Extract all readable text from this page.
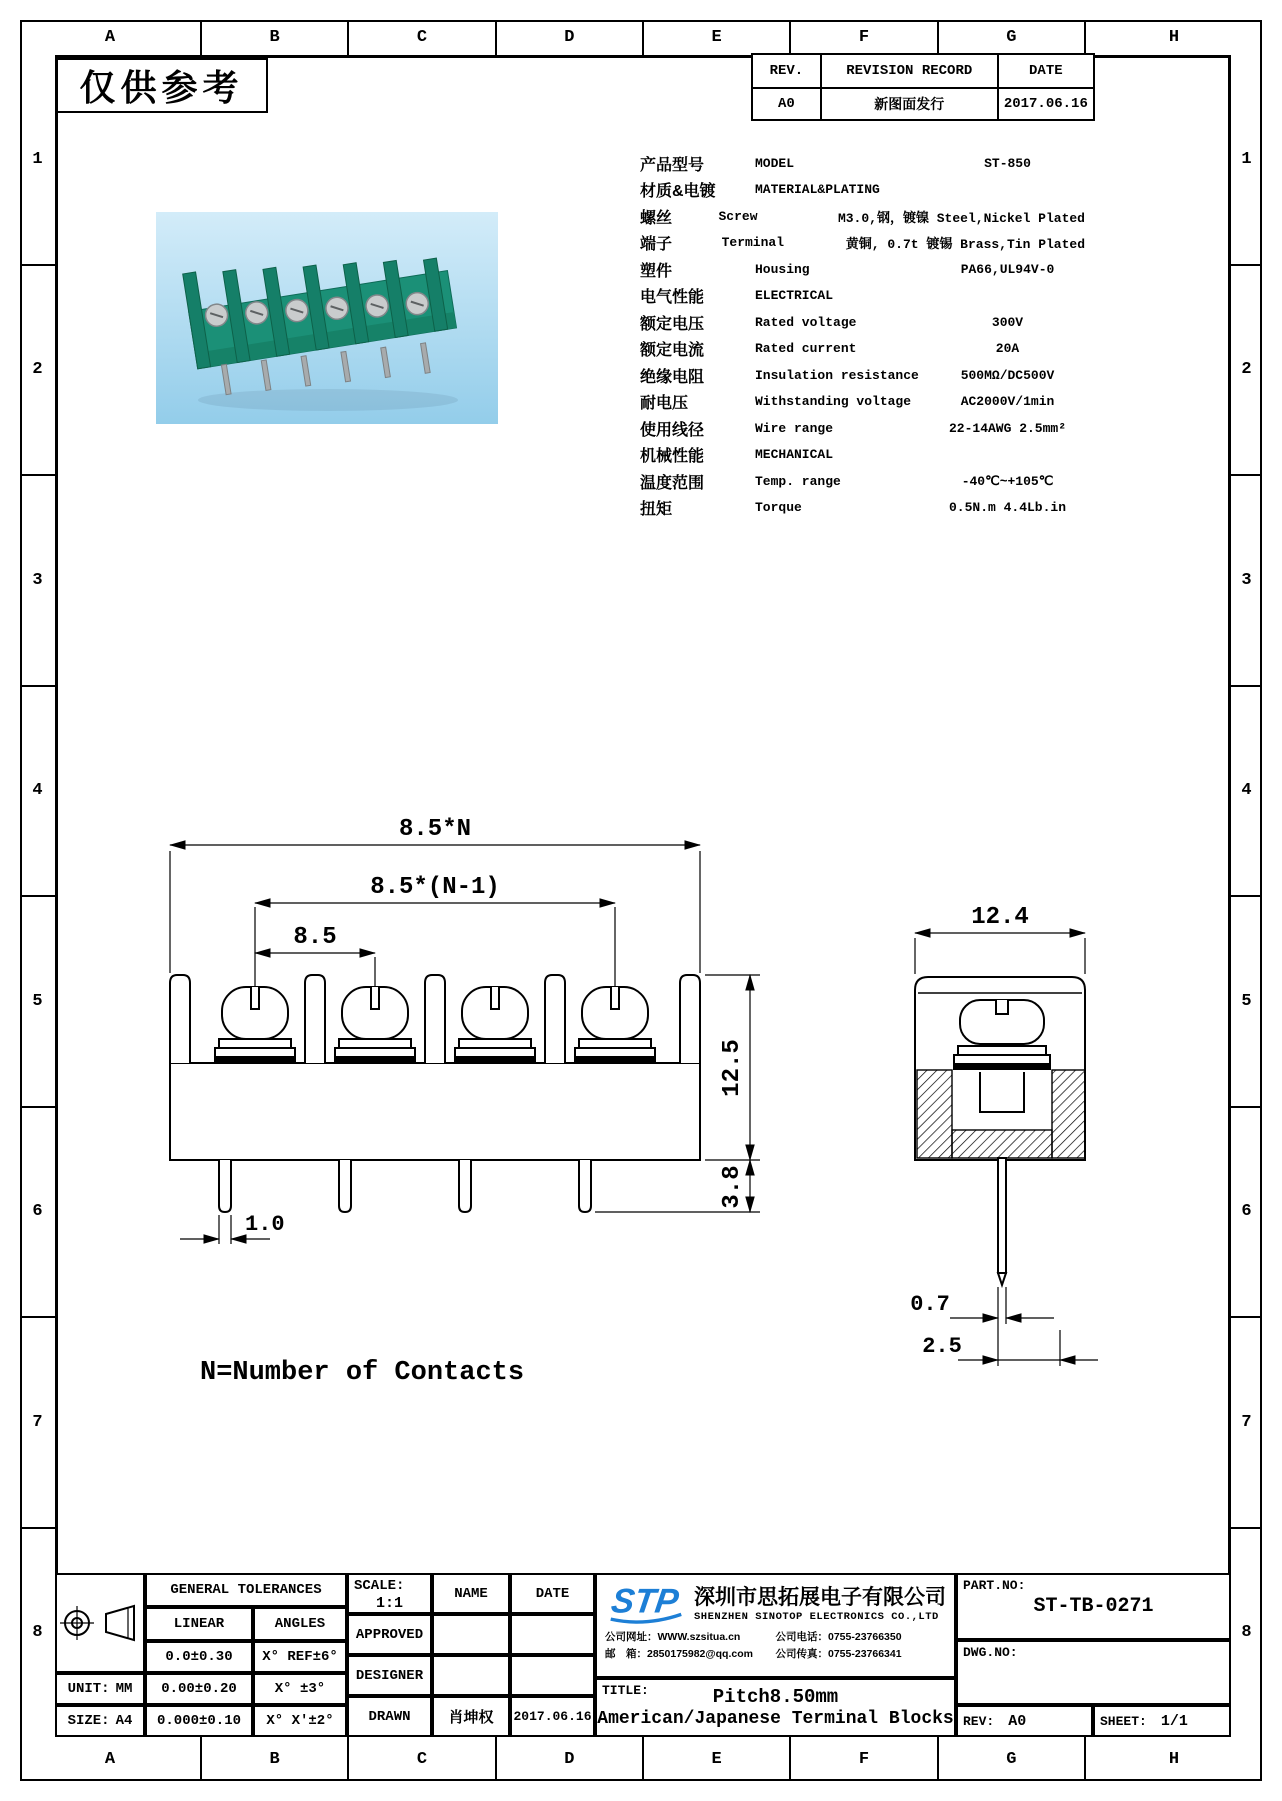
A	B	C	D	E	F	G	H
A	B	C	D	E	F	G	H
1
2
3
4
5
6
7
8
1
2
3
4
5
6
7
8
仅供参考	REV.	REVISION RECORD	DATE
A0	新图面发行	2017.06.16
产品型号	MODEL	ST-850
材质&电镀	MATERIAL&PLATING
螺丝	Screw	M3.0,钢，镀镍 Steel,Nickel Plated
端子	Terminal	黄铜, 0.7t 镀锡 Brass,Tin Plated
塑件	Housing	PA66,UL94V-0
电气性能	ELECTRICAL
额定电压	Rated voltage	300V
额定电流	Rated current	20A
绝缘电阻	Insulation resistance	500MΩ/DC500V
耐电压	Withstanding voltage	AC2000V/1min
使用线径	Wire range	22-14AWG 2.5mm²
机械性能	MECHANICAL
温度范围	Temp. range	-40℃~+105℃
扭矩	Torque	0.5N.m 4.4Lb.in
8.5*N
8.5*(N-1)
8.5
12.5
3.8
1.0
12.4
0.7
2.5
N=Number of Contacts
GENERAL TOLERANCES
LINEAR	ANGLES
0.0±0.30	X° REF±6°
UNIT: MM	0.00±0.20	X° ±3°
SIZE: A4	0.000±0.10	X° X'±2°
SCALE:
1:1
NAME	DATE
APPROVED
DESIGNER
DRAWN	肖坤权	2017.06.16
STP 深圳市思拓展电子有限公司
SHENZHEN SINOTOP ELECTRONICS CO.,LTD
公司网址：WWW.szsitua.cn	公司电话：0755-23766350
邮　箱：2850175982@qq.com	公司传真：0755-23766341
TITLE:	Pitch8.50mm
American/Japanese Terminal Blocks
PART.NO:
ST-TB-0271
DWG.NO:
REV: A0	SHEET: 1/1
